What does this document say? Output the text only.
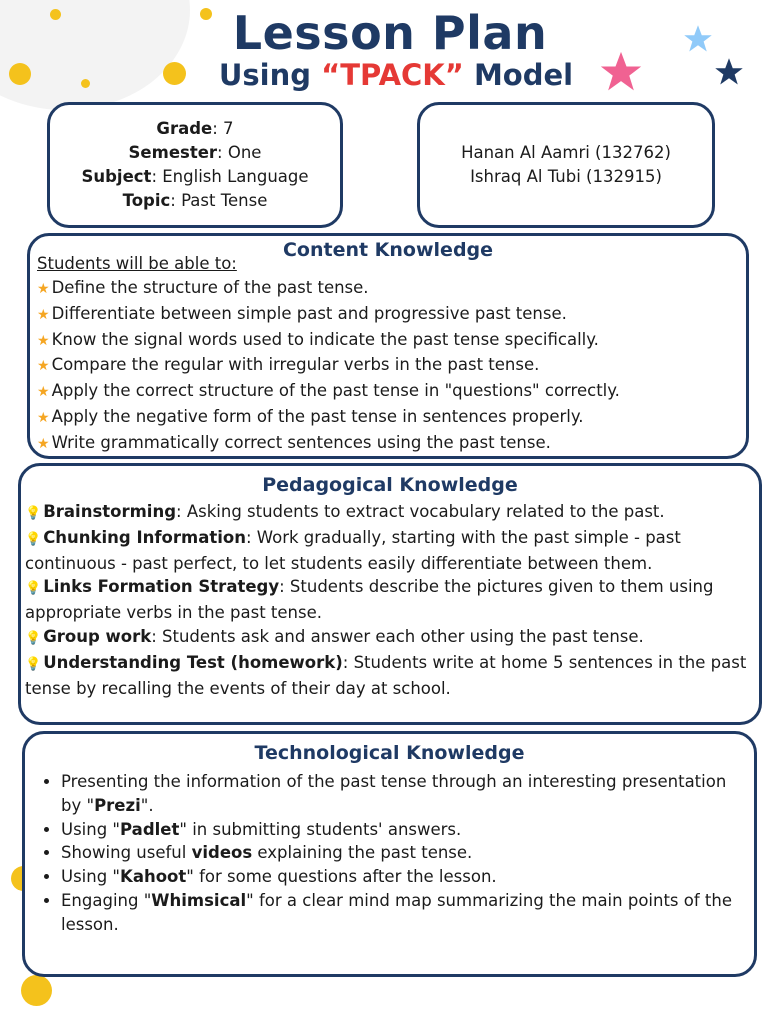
Lesson Plan
Using “TPACK” Model
Grade: 7
Semester: One
Subject: English Language
Topic: Past Tense
Hanan Al Aamri (132762)
Ishraq Al Tubi (132915)
Content Knowledge
Students will be able to:
★ Define the structure of the past tense.
★ Differentiate between simple past and progressive past tense.
★ Know the signal words used to indicate the past tense specifically.
★ Compare the regular with irregular verbs in the past tense.
★ Apply the correct structure of the past tense in "questions" correctly.
★ Apply the negative form of the past tense in sentences properly.
★ Write grammatically correct sentences using the past tense.
Pedagogical Knowledge
💡 Brainstorming: Asking students to extract vocabulary related to the past.
💡 Chunking Information: Work gradually, starting with the past simple - past continuous - past perfect, to let students easily differentiate between them.
💡 Links Formation Strategy: Students describe the pictures given to them using appropriate verbs in the past tense.
💡 Group work: Students ask and answer each other using the past tense.
💡 Understanding Test (homework): Students write at home 5 sentences in the past tense by recalling the events of their day at school.
Technological Knowledge
• Presenting the information of the past tense through an interesting presentation by "Prezi".
• Using "Padlet" in submitting students' answers.
• Showing useful videos explaining the past tense.
• Using "Kahoot" for some questions after the lesson.
• Engaging "Whimsical" for a clear mind map summarizing the main points of the lesson.
